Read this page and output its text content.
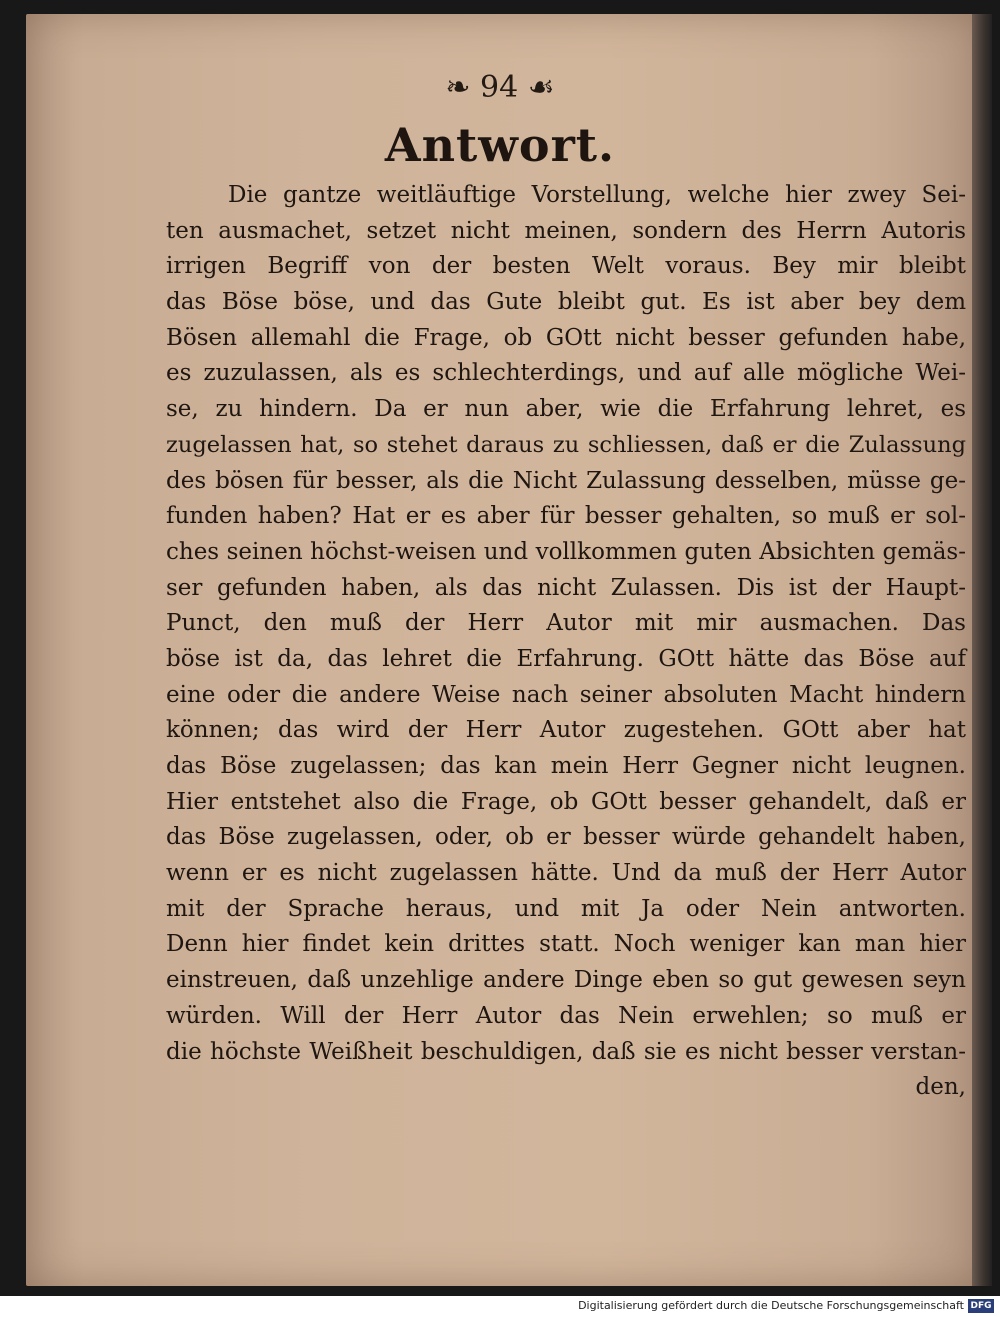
❧ 94 ☙
Antwort.
Die gantze weitläuftige Vorstellung, welche hier zwey Sei-
ten ausmachet, setzet nicht meinen, sondern des Herrn Autoris
irrigen Begriff von der besten Welt voraus. Bey mir bleibt
das Böse böse, und das Gute bleibt gut. Es ist aber bey dem
Bösen allemahl die Frage, ob GOtt nicht besser gefunden habe,
es zuzulassen, als es schlechterdings, und auf alle mögliche Wei-
se, zu hindern. Da er nun aber, wie die Erfahrung lehret, es
zugelassen hat, so stehet daraus zu schliessen, daß er die Zulassung
des bösen für besser, als die Nicht Zulassung desselben, müsse ge-
funden haben? Hat er es aber für besser gehalten, so muß er sol-
ches seinen höchst-weisen und vollkommen guten Absichten gemäs-
ser gefunden haben, als das nicht Zulassen. Dis ist der Haupt-
Punct, den muß der Herr Autor mit mir ausmachen. Das
böse ist da, das lehret die Erfahrung. GOtt hätte das Böse auf
eine oder die andere Weise nach seiner absoluten Macht hindern
können; das wird der Herr Autor zugestehen. GOtt aber hat
das Böse zugelassen; das kan mein Herr Gegner nicht leugnen.
Hier entstehet also die Frage, ob GOtt besser gehandelt, daß er
das Böse zugelassen, oder, ob er besser würde gehandelt haben,
wenn er es nicht zugelassen hätte. Und da muß der Herr Autor
mit der Sprache heraus, und mit Ja oder Nein antworten.
Denn hier findet kein drittes statt. Noch weniger kan man hier
einstreuen, daß unzehlige andere Dinge eben so gut gewesen seyn
würden. Will der Herr Autor das Nein erwehlen; so muß er
die höchste Weißheit beschuldigen, daß sie es nicht besser verstan-
den,
Digitalisierung gefördert durch die Deutsche Forschungsgemeinschaft DFG
